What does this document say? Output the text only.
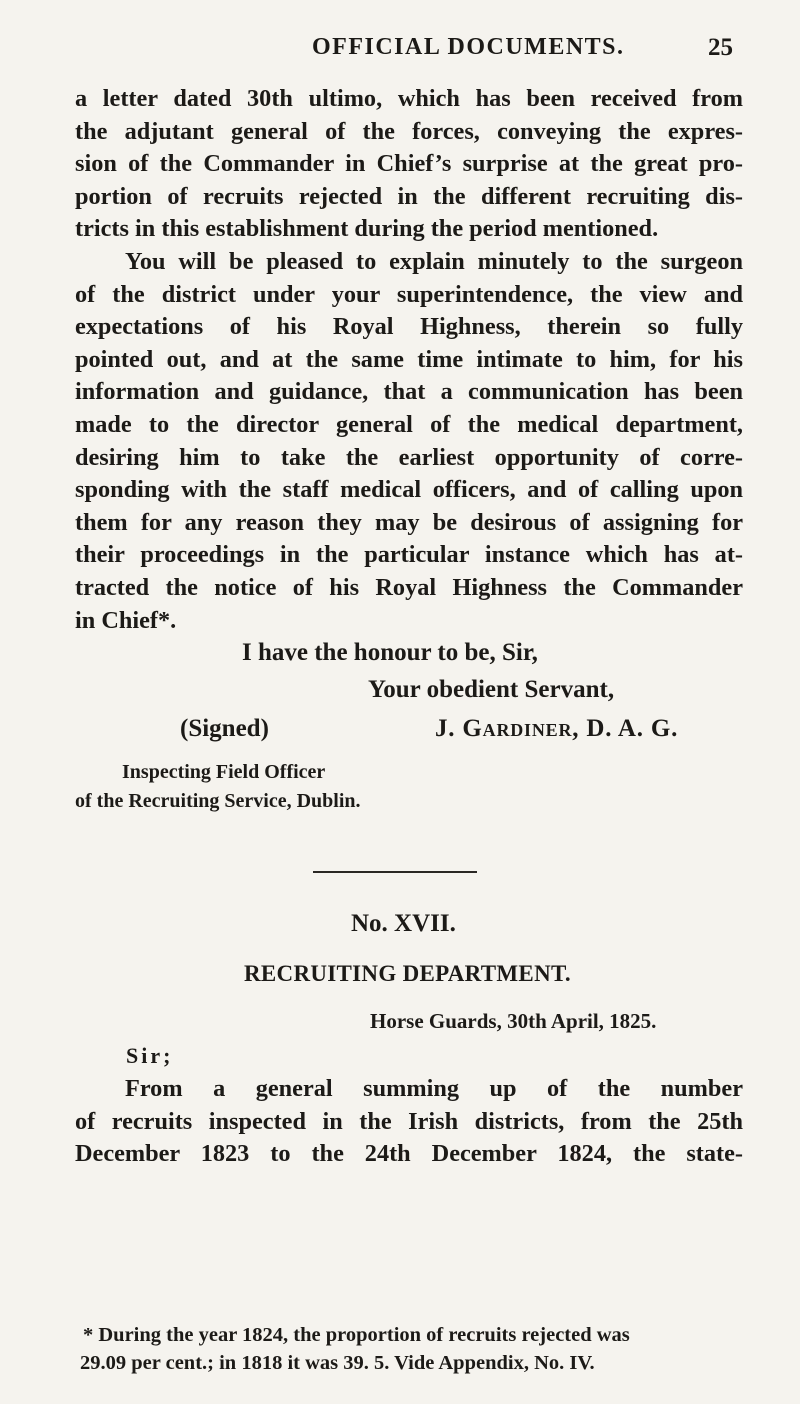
OFFICIAL DOCUMENTS.	25
a letter dated 30th ultimo, which has been received from
the adjutant general of the forces, conveying the expres-
sion of the Commander in Chief’s surprise at the great pro-
portion of recruits rejected in the different recruiting dis-
tricts in this establishment during the period mentioned.
You will be pleased to explain minutely to the surgeon
of the district under your superintendence, the view and
expectations of his Royal Highness, therein so fully
pointed out, and at the same time intimate to him, for his
information and guidance, that a communication has been
made to the director general of the medical department,
desiring him to take the earliest opportunity of corre-
sponding with the staff medical officers, and of calling upon
them for any reason they may be desirous of assigning for
their proceedings in the particular instance which has at-
tracted the notice of his Royal Highness the Commander
in Chief*.
I have the honour to be, Sir,
Your obedient Servant,
(Signed)	J. Gardiner, D. A. G.
Inspecting Field Officer
of the Recruiting Service, Dublin.
No. XVII.
RECRUITING DEPARTMENT.
Horse Guards, 30th April, 1825.
Sir;
From a general summing up of the number
of recruits inspected in the Irish districts, from the 25th
December 1823 to the 24th December 1824, the state-
* During the year 1824, the proportion of recruits rejected was
29.09 per cent.; in 1818 it was 39. 5. Vide Appendix, No. IV.
